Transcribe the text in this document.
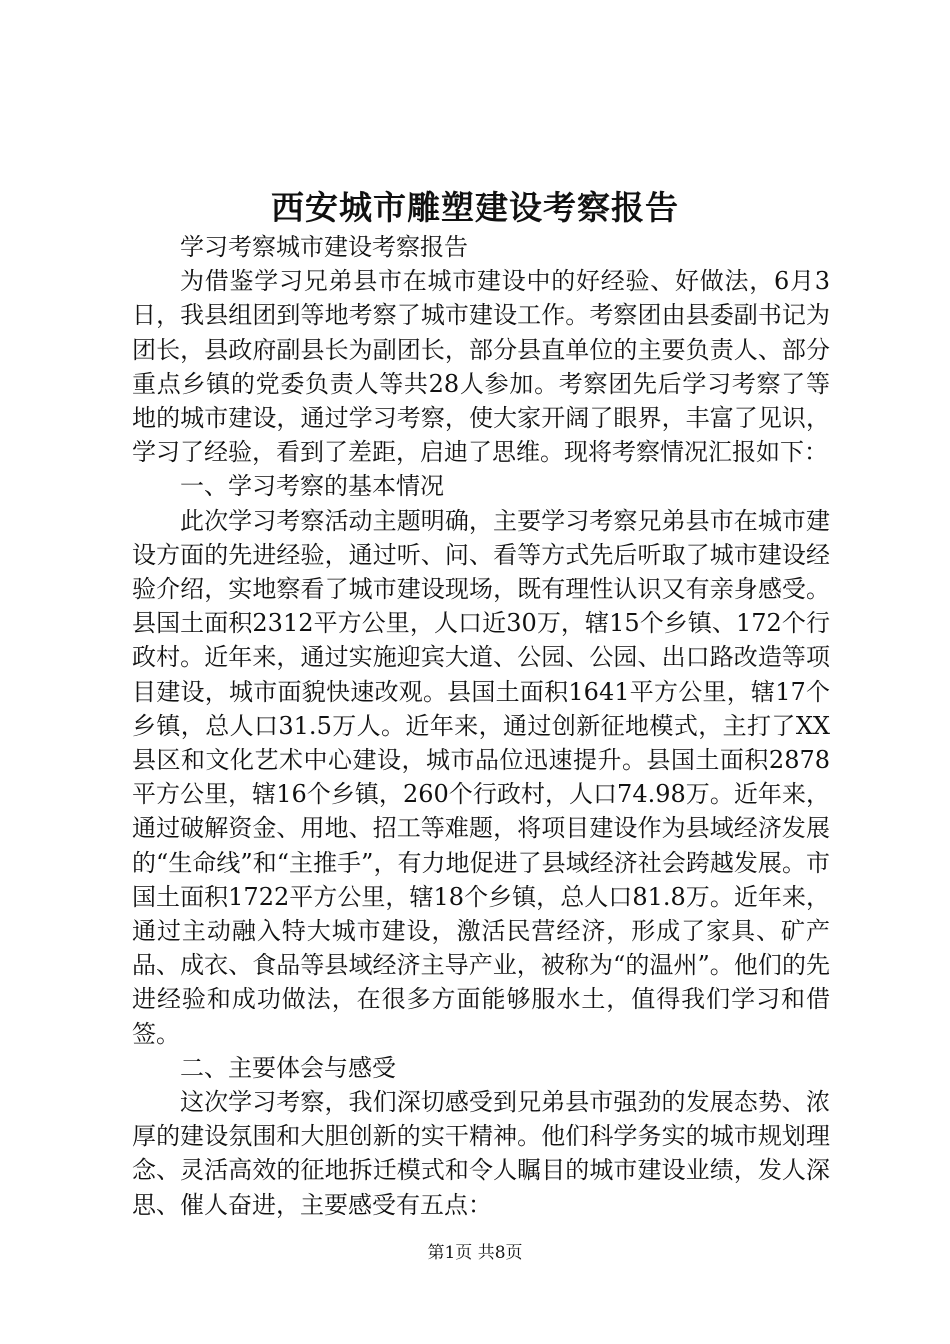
西安城市雕塑建设考察报告

学习考察城市建设考察报告

为借鉴学习兄弟县市在城市建设中的好经验、好做法，6月3日，我县组团到等地考察了城市建设工作。考察团由县委副书记为团长，县政府副县长为副团长，部分县直单位的主要负责人、部分重点乡镇的党委负责人等共28人参加。考察团先后学习考察了等地的城市建设，通过学习考察，使大家开阔了眼界，丰富了见识，学习了经验，看到了差距，启迪了思维。现将考察情况汇报如下：

一、学习考察的基本情况

此次学习考察活动主题明确，主要学习考察兄弟县市在城市建设方面的先进经验，通过听、问、看等方式先后听取了城市建设经验介绍，实地察看了城市建设现场，既有理性认识又有亲身感受。县国土面积2312平方公里，人口近30万，辖15个乡镇、172个行政村。近年来，通过实施迎宾大道、公园、公园、出口路改造等项目建设，城市面貌快速改观。县国土面积1641平方公里，辖17个乡镇，总人口31.5万人。近年来，通过创新征地模式，主打了XX县区和文化艺术中心建设，城市品位迅速提升。县国土面积2878平方公里，辖16个乡镇，260个行政村，人口74.98万。近年来，通过破解资金、用地、招工等难题，将项目建设作为县域经济发展的“生命线”和“主推手”，有力地促进了县域经济社会跨越发展。市国土面积1722平方公里，辖18个乡镇，总人口81.8万。近年来，通过主动融入特大城市建设，激活民营经济，形成了家具、矿产品、成衣、食品等县域经济主导产业，被称为“的温州”。他们的先进经验和成功做法，在很多方面能够服水土，值得我们学习和借签。

二、主要体会与感受

这次学习考察，我们深切感受到兄弟县市强劲的发展态势、浓厚的建设氛围和大胆创新的实干精神。他们科学务实的城市规划理念、灵活高效的征地拆迁模式和令人瞩目的城市建设业绩，发人深思、催人奋进，主要感受有五点：

第1页 共8页
